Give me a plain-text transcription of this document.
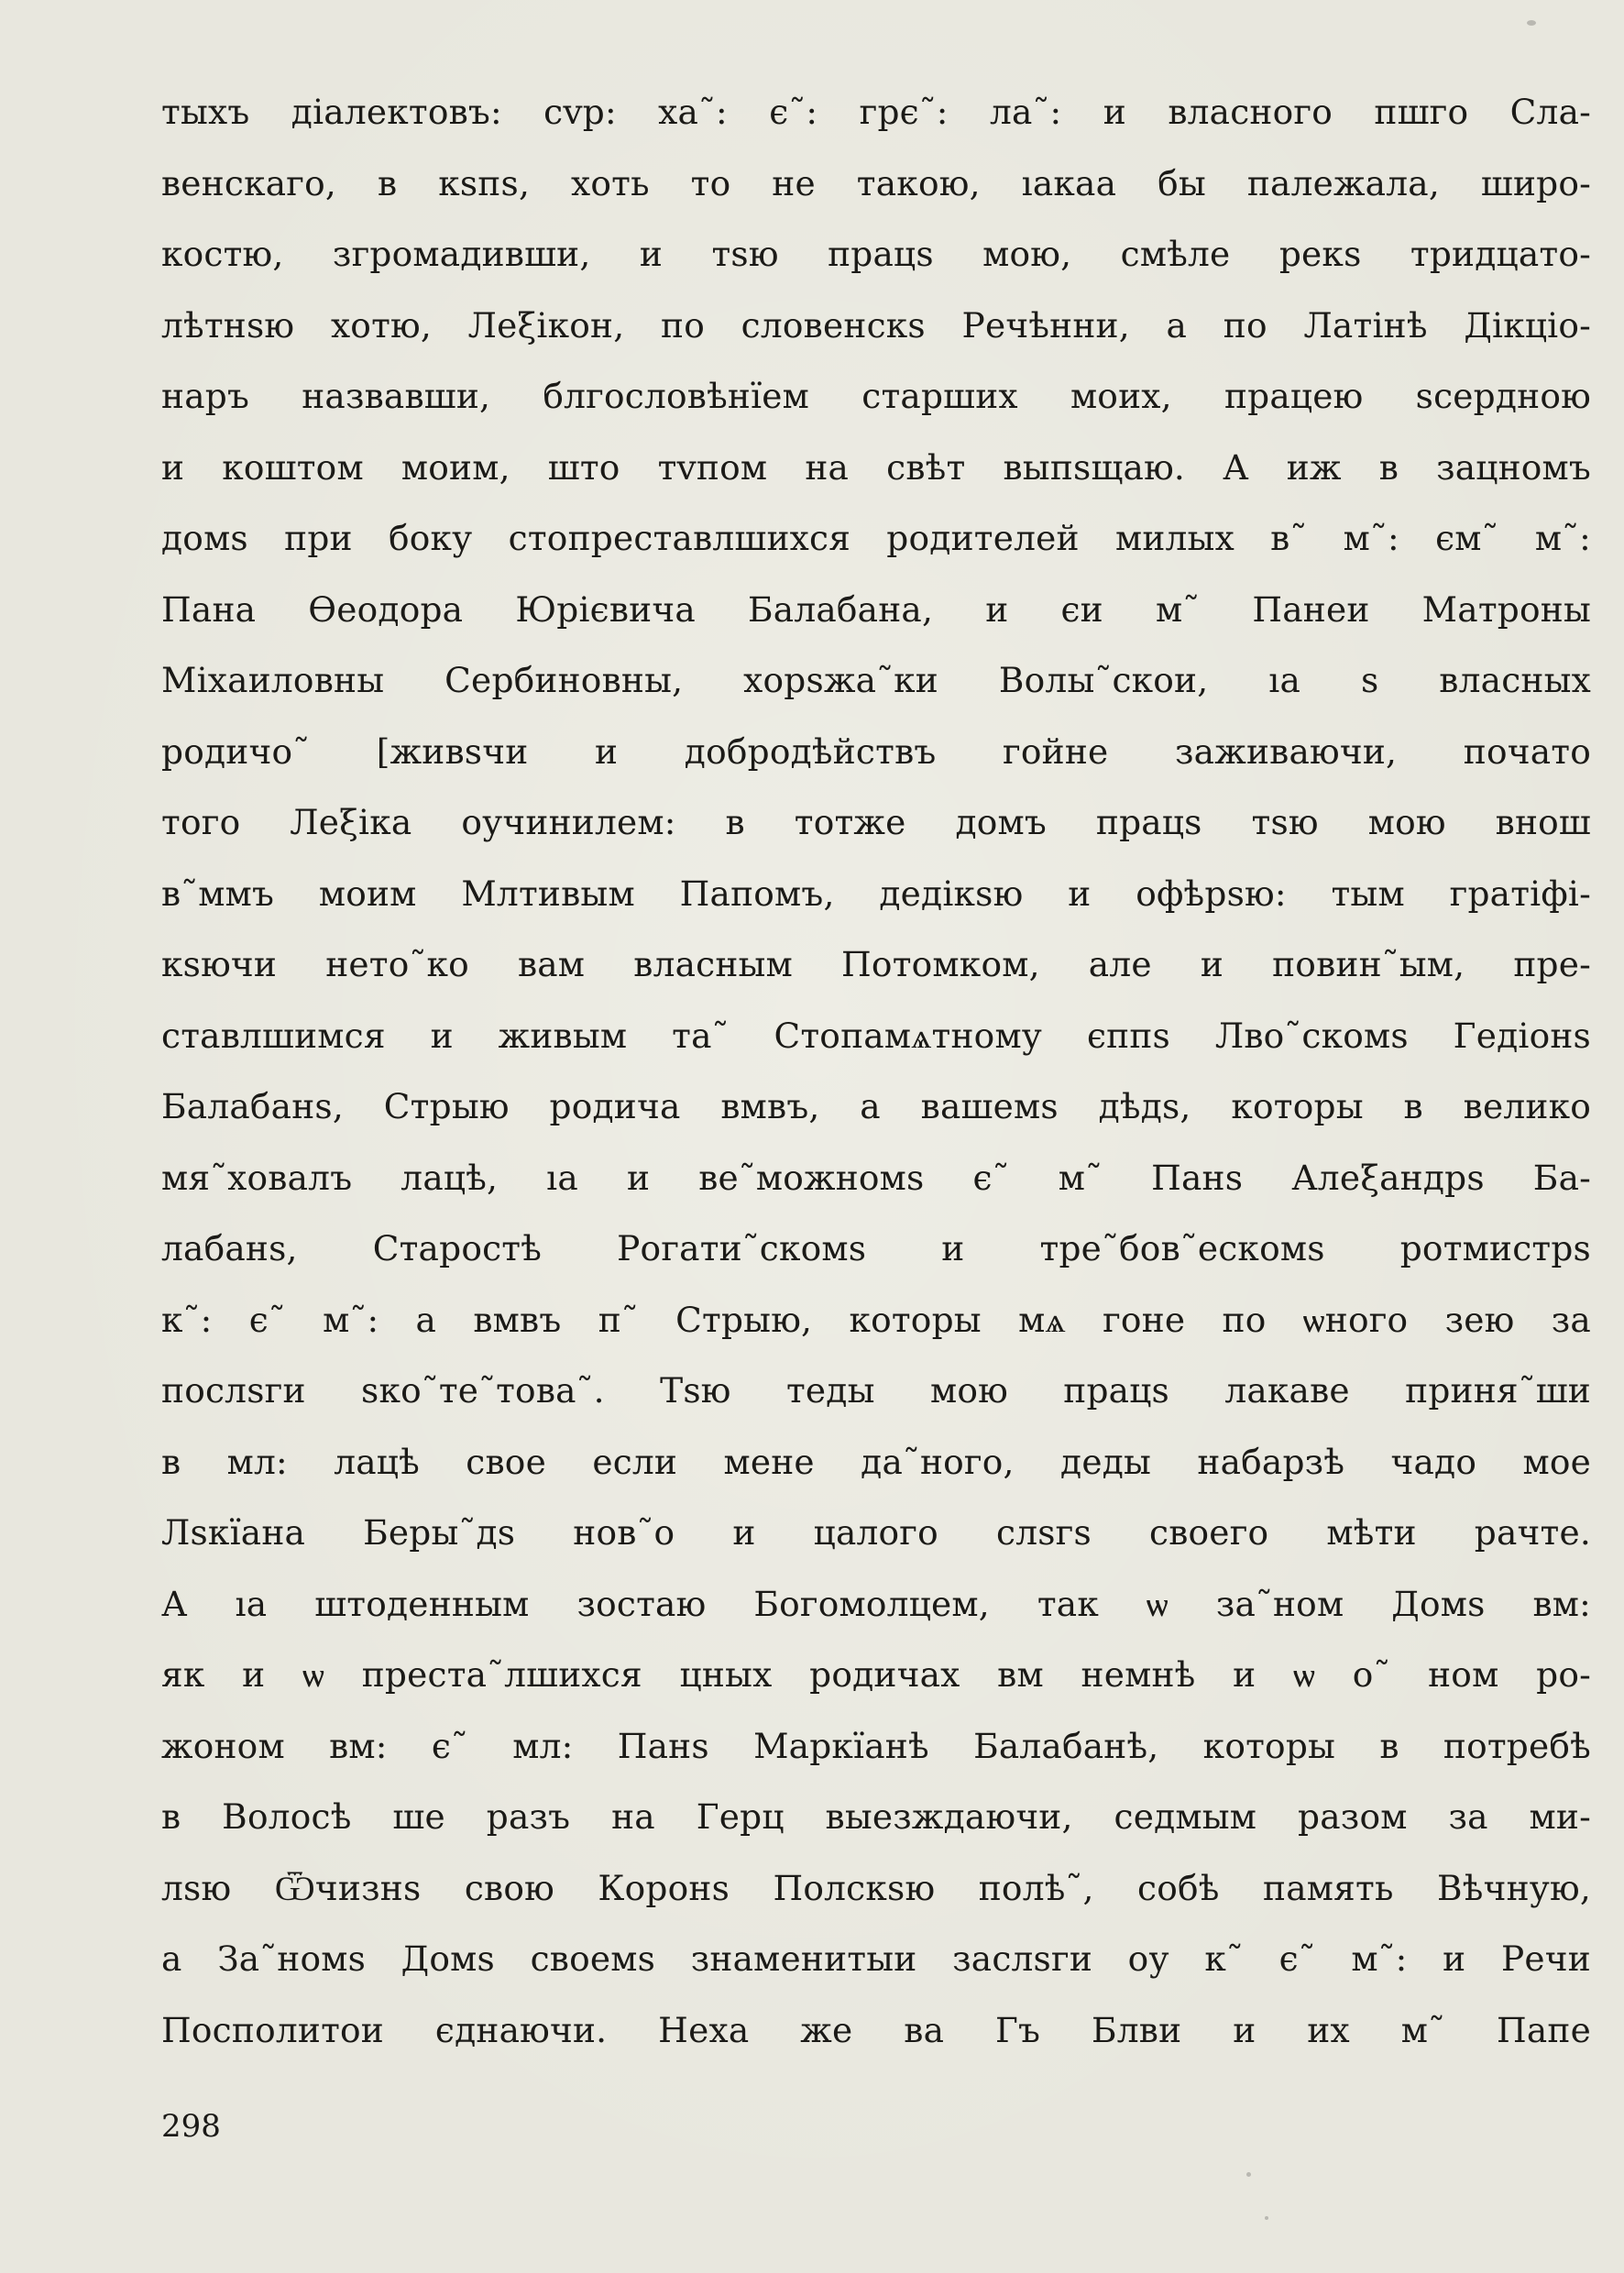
тыхъ діалектовъ: сvр: ха˜: є˜: грє˜: ла˜: и власного пшго Сла-
венскаго, в кѕпѕ, хоть то не такою, ıакаа бы палежала, широ-
костю, згромадивши, и тѕю працѕ мою, смѣле рекѕ тридцато-
лѣтнѕю хотю, Леξікон, по словенскѕ Речѣнни, а по Латінѣ Дікціо-
наръ назвавши, блгословѣнїем старших моих, працею ѕсердною
и коштом моим, што тvпом на свѣт выпѕщаю. А иж в зацномъ
домѕ при боку стопреставлшихся родителей милых в˜ м˜: єм˜ м˜:
Пана Өеодора Юрієвича Балабана, и єи м˜ Панеи Матроны
Міхаиловны Сербиновны, хорѕжа˜ки Волы˜скои, ıа ѕ власных
родичо˜ [живѕчи и добродѣйствъ гойне заживаючи, почато
того Леξіка оучинилем: в тотже домъ працѕ тѕю мою внош
в˜ммъ моим Млтивым Папомъ, дедікѕю и офѣрѕю: тым гратіфі-
кѕючи нето˜ко вам власным Потомком, але и повин˜ым, пре-
ставлшимся и живым та˜ Стопамѧтному єппѕ Лво˜скомѕ Гедіонѕ
Балабанѕ, Стрыю родича вмвъ, а вашемѕ дѣдѕ, которы в велико
мя˜ховалъ лацѣ, ıа и ве˜можномѕ є˜ м˜ Панѕ Алеξандрѕ Ба-
лабанѕ, Старостѣ Рогати˜скомѕ и тре˜бов˜ескомѕ ротмистрѕ
к˜: є˜ м˜: а вмвъ п˜ Стрыю, которы мѧ гоне по ѡного зею за
послѕги ѕко˜те˜това˜. Тѕю теды мою працѕ лакаве приня˜ши
в мл: лацѣ свое если мене да˜ного, деды набарзѣ чадо мое
Лѕкїана Бepы˜дѕ нов˜о и цалого слѕгѕ своего мѣти рачте.
А ıа штоденным зостаю Богомолцем, так ѡ за˜ном Домѕ вм:
як и ѡ преста˜лшихся цных родичах вм немнѣ и ѡ о˜ ном ро-
жоном вм: є˜ мл: Панѕ Маркїанѣ Балабанѣ, которы в потребѣ
в Волосѣ ше разъ на Герц выезждаючи, седмым разом за ми-
лѕю Ѿчизнѕ свою Коронѕ Полскѕю полѣ˜, собѣ память Вѣчную,
а За˜номѕ Домѕ своемѕ знаменитыи заслѕги оу к˜ є˜ м˜: и Речи
Посполитои єднаючи. Неха же ва Гъ Блви и их м˜ Папе
298
